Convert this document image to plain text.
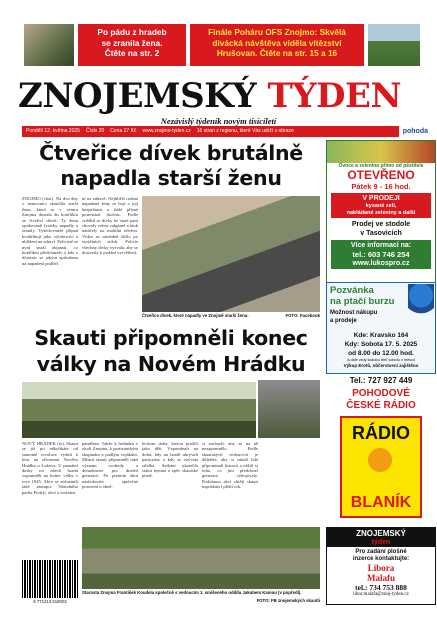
Po pádu z hradeb
se zranila žena.
Čtěte na str. 2
Finále Poháru OFS Znojmo: Skvělá
divácká návštěva viděla vítězství
Hrušovan. Čtěte na str. 15 a 16
ZNOJEMSKÝ TÝDEN
Nezávislý týdeník novým tisícíletí
Pondělí 12. května 2025 Číslo 20 Cena 27 Kč www.znojmo-tyden.cz 16 stran z regionu, které Vás udrží v obraze	pohoda
Čtveřice dívek brutálně
napadla starší ženu
ZNOJMO (char). Na dva dny v nemocnici skončila starší žena, která se v centru Znojma dostala do konfliktu se čtveřicí dívek. Ty ženu opakovaně fyzicky napadly a zranily. Vyšetřovatelé případ kvalifikují jako výtržnictví a ublížení na zdraví. Policisté se nyní snaží objasnit, co konfliktu předcházelo a kdo z účastnic se jakým způsobem na napadení podílel.
ní na zábavě. Nejbližší rodina napadené ženy se bojí o její bezpečnost a žádá přísné potrestání útočnic. Podle svědků se dívky ke staré paní chovaly velmi vulgárně a útok natáčely na mobilní telefon. Video se následně šířilo po sociálních sítích. Policie všechny dívky vyzvala, aby se dostavily k podání vysvětlení.
Čtveřice dívek, které napadly ve Znojmě starší ženu.	FOTO: Facebook
Skauti připomněli konec
války na Novém Hrádku
NOVÝ HRÁDEK (tz). Skauti se již po několikáté od samotné revoluce vydali k lesu na zříceninu Nového Hrádku u Lukova. U památní desky na zdech hradu vzpomněli na konec války v roce 1945. Akce se zúčastnili také zástupci Národního parku Podyjí, obcí a veteráni.
pamětem. Takže k hrdinům v okolí Znojma, k partizánským skupinám a padlým vojákům. Místní skauti připomněli také význam svobody a demokracie pro dnešní generace. Po pietním aktu následovalo společné posezení u ohně.
leckom doba, kterou prožili jako děti. Vzpomínali na dobu, kdy na hradě ukrývali partyzány a kdy se ozývala střelba. Setkání ukončila státní hymna a zpěv skautské písně.
si zaslouží, aby se na ně nezapomnělo. Podle skautských vedoucích je důležité, aby si mladí lidé připomínali historii a vážili si toho, co jim předchozí generace vybojovaly. Podobnou akci chtějí skauti uspořádat i příští rok.
Starosta Znojma František Koudela společně s vedoucím 1. smíšeného oddílu Jakubem Kaniou (v popředí).
FOTO: FB znojemských skautů
9 771213 518002
Ovoce a zelenina přímo od pěstitele
OTEVŘENO
Pátek 9 - 16 hod.
V PRODEJI
kysané zelí,
nakládané zeleniny a další
Prodej ve stodole
v Tasovicích
Více informací na:
tel.: 603 746 254
www.lukospro.cz
Pozvánka
na ptačí burzu
Možnost nákupu
a prodeje
Kde: Kravsko 164
Kdy: Sobota 17. 5. 2025
od 8.00 do 12.00 hod.
A dále vždy každou třetí sobotu v měsíci
Výkup Erotů, občerstvení zajištěno
Tel.: 727 927 449
POHODOVÉ
ČESKÉ RÁDIO
RÁDIO
BLANÍK
ZNOJEMSKÝ
týden
Pro zadání plošné
inzerce kontaktujte:
Libora
Malafu
tel.: 734 753 888
libor.malafa@znoj-tyden.cz
